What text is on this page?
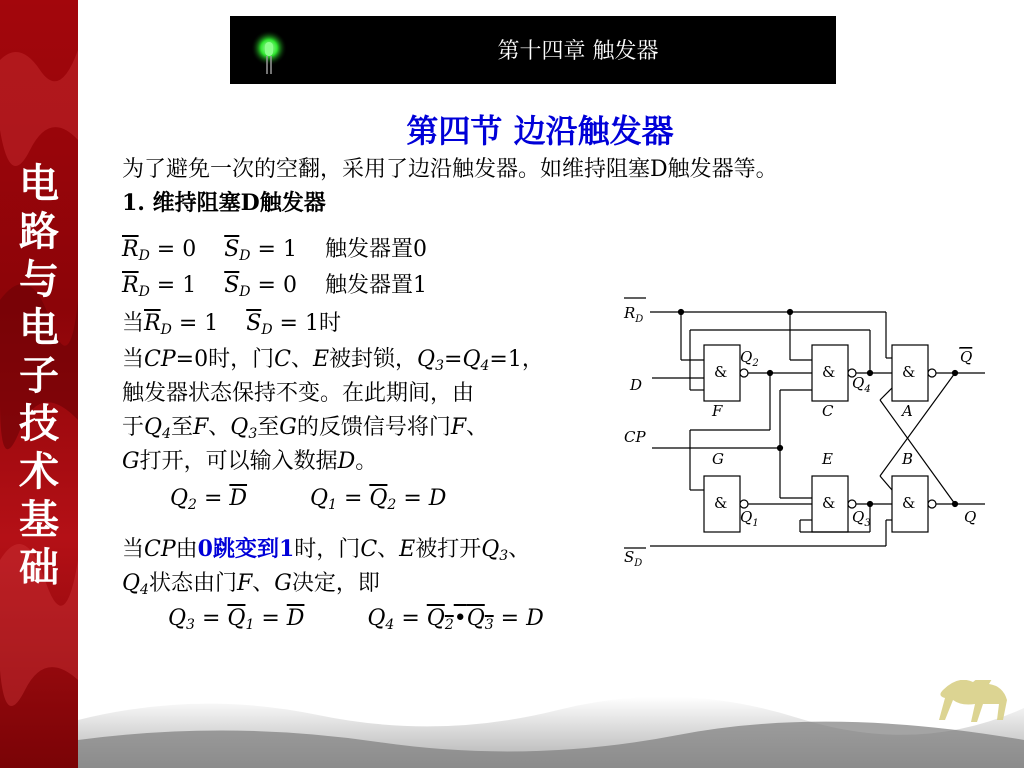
电
路
与
电
子
技
术
基
础
第十四章 触发器
第四节 边沿触发器
为了避免一次的空翻，采用了边沿触发器。如维持阻塞D触发器等。
1. 维持阻塞D触发器
$\overline{R}_D = 0$ $\overline{S}_D = 1$ 触发器置0
$\overline{R}_D = 1$ $\overline{S}_D = 0$ 触发器置1
当$\overline{R}_D = 1$ $\overline{S}_D = 1$时
当CP=0时，门C、E被封锁，$Q_3=Q_4=1$，
触发器状态保持不变。在此期间，由
于$Q_4$至F、$Q_3$至G的反馈信号将门F、
G打开，可以输入数据D。
$Q_2 = \overline{D}$	$Q_1 = \overline{Q}_2 = D$
当CP由0跳变到1时，门C、E被打开$Q_3$、
$Q_4$状态由门F、G决定，即
$Q_3 = \overline{Q}_1 = \overline{D}$	$Q_4$ = $Q_2•Q_3 = D$
$R_D$
D
CP
$S_D$
&
F
&
C
&
A
&
G
&
E
&
B
$Q_2$
$Q_4$
$Q_1$	$Q_3$
Q
Q
